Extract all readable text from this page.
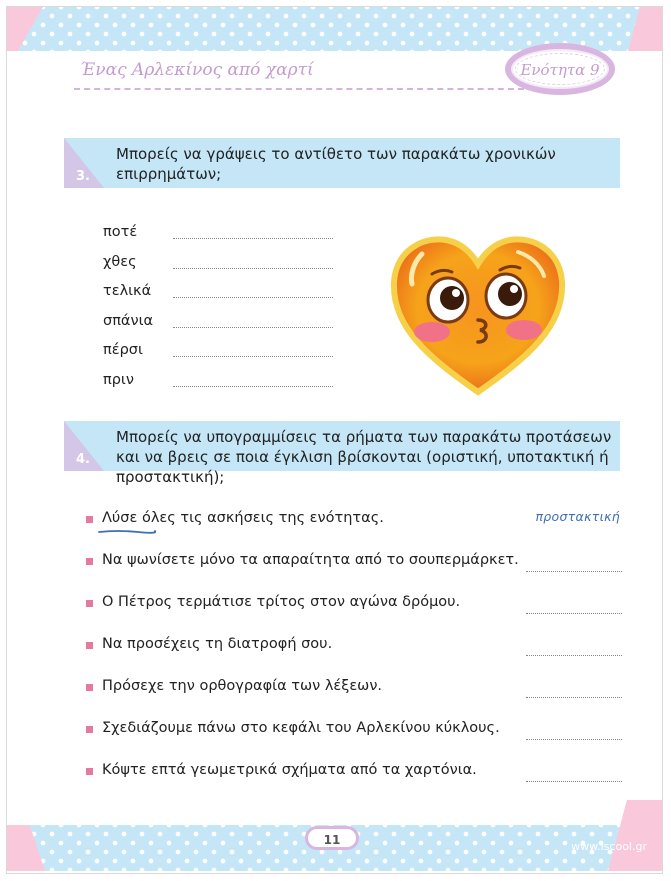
Ένας Αρλεκίνος από χαρτί	Ενότητα 9
3.
Μπορείς να γράψεις το αντίθετο των παρακάτω χρονικών επιρρημάτων;
ποτέ
χθες
τελικά
σπάνια
πέρσι
πριν
4.
Μπορείς να υπογραμμίσεις τα ρήματα των παρακάτω προτάσεων και να βρεις σε ποια έγκλιση βρίσκονται (οριστική, υποτακτική ή προστακτική);
Λύσε όλες τις ασκήσεις της ενότητας.	προστακτική
Να ψωνίσετε μόνο τα απαραίτητα από το σουπερμάρκετ.
Ο Πέτρος τερμάτισε τρίτος στον αγώνα δρόμου.
Να προσέχεις τη διατροφή σου.
Πρόσεχε την ορθογραφία των λέξεων.
Σχεδιάζουμε πάνω στο κεφάλι του Αρλεκίνου κύκλους.
Κόψτε επτά γεωμετρικά σχήματα από τα χαρτόνια.
11	www.iscool.gr
